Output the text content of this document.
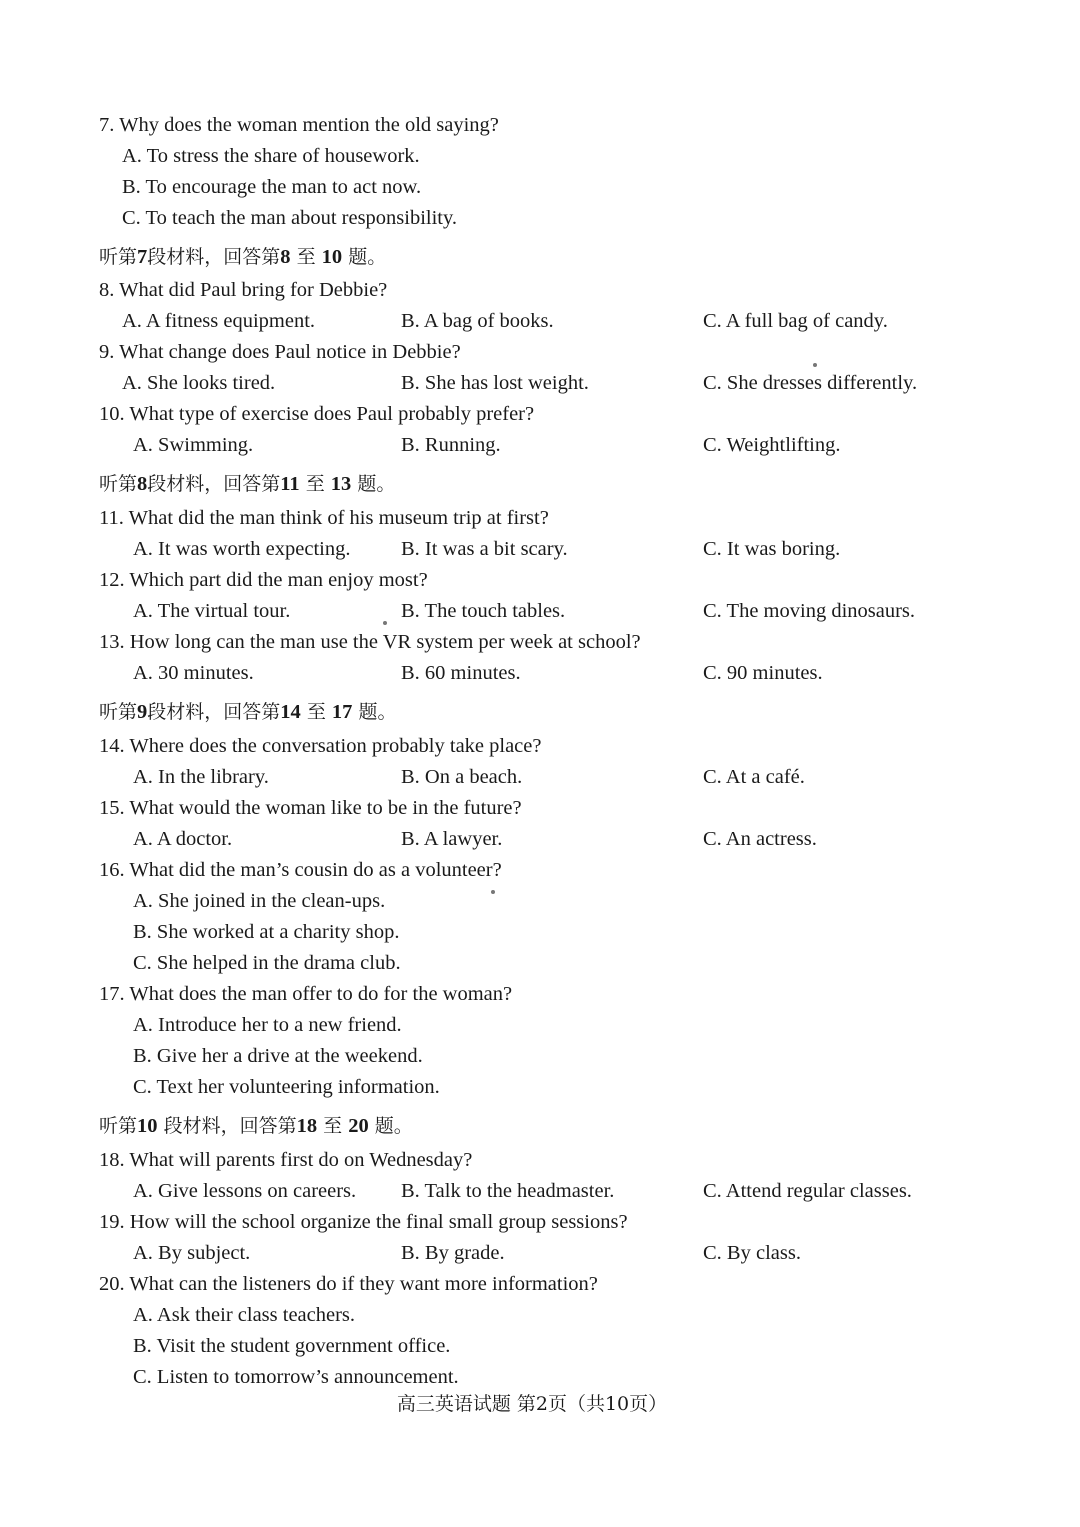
7. Why does the woman mention the old saying?
A. To stress the share of housework.
B. To encourage the man to act now.
C. To teach the man about responsibility.
听第7段材料，回答第8 至 10 题。
8. What did Paul bring for Debbie?
A. A fitness equipment.	B. A bag of books.	C. A full bag of candy.
9. What change does Paul notice in Debbie?
A. She looks tired.	B. She has lost weight.	C. She dresses differently.
10. What type of exercise does Paul probably prefer?
A. Swimming.	B. Running.	C. Weightlifting.
听第8段材料，回答第11 至 13 题。
11. What did the man think of his museum trip at first?
A. It was worth expecting. B. It was a bit scary.	C. It was boring.
12. Which part did the man enjoy most?
A. The virtual tour.	B. The touch tables.	C. The moving dinosaurs.
13. How long can the man use the VR system per week at school?
A. 30 minutes.	B. 60 minutes.	C. 90 minutes.
听第9段材料，回答第14 至 17 题。
14. Where does the conversation probably take place?
A. In the library.	B. On a beach.	C. At a café.
15. What would the woman like to be in the future?
A. A doctor.	B. A lawyer.	C. An actress.
16. What did the man’s cousin do as a volunteer?
A. She joined in the clean-ups.
B. She worked at a charity shop.
C. She helped in the drama club.
17. What does the man offer to do for the woman?
A. Introduce her to a new friend.
B. Give her a drive at the weekend.
C. Text her volunteering information.
听第10 段材料，回答第18 至 20 题。
18. What will parents first do on Wednesday?
A. Give lessons on careers. B. Talk to the headmaster.	C. Attend regular classes.
19. How will the school organize the final small group sessions?
A. By subject.	B. By grade.	C. By class.
20. What can the listeners do if they want more information?
A. Ask their class teachers.
B. Visit the student government office.
C. Listen to tomorrow’s announcement.
高三英语试题 第2页（共10页）
